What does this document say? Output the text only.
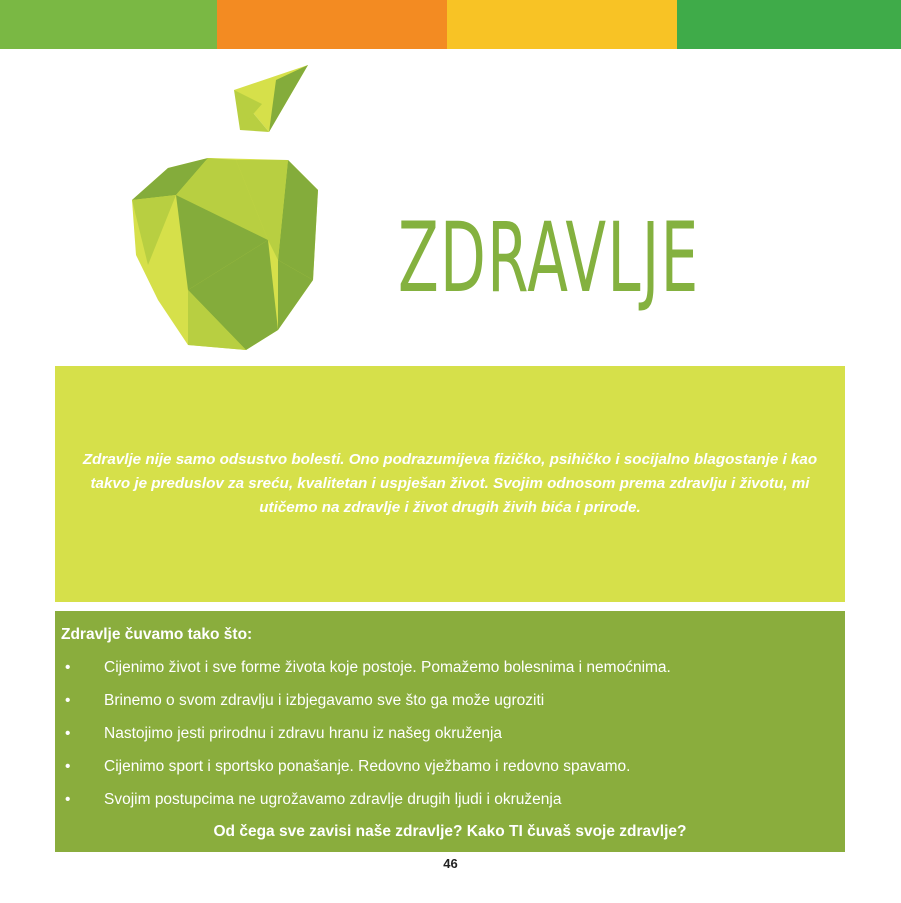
ZDRAVLJE

Zdravlje nije samo odsustvo bolesti. Ono podrazumijeva fizičko, psihičko i socijalno blagostanje i kao takvo je preduslov za sreću, kvalitetan i uspješan život. Svojim odnosom prema zdravlju i životu, mi utičemo na zdravlje i život drugih živih bića i prirode.

Zdravlje čuvamo tako što:
• Cijenimo život i sve forme života koje postoje. Pomažemo bolesnima i nemoćnima.
• Brinemo o svom zdravlju i izbjegavamo sve što ga može ugroziti
• Nastojimo jesti prirodnu i zdravu hranu iz našeg okruženja
• Cijenimo sport i sportsko ponašanje. Redovno vježbamo i redovno spavamo.
• Svojim postupcima ne ugrožavamo zdravlje drugih ljudi i okruženja
Od čega sve zavisi naše zdravlje? Kako TI čuvaš svoje zdravlje?
46
